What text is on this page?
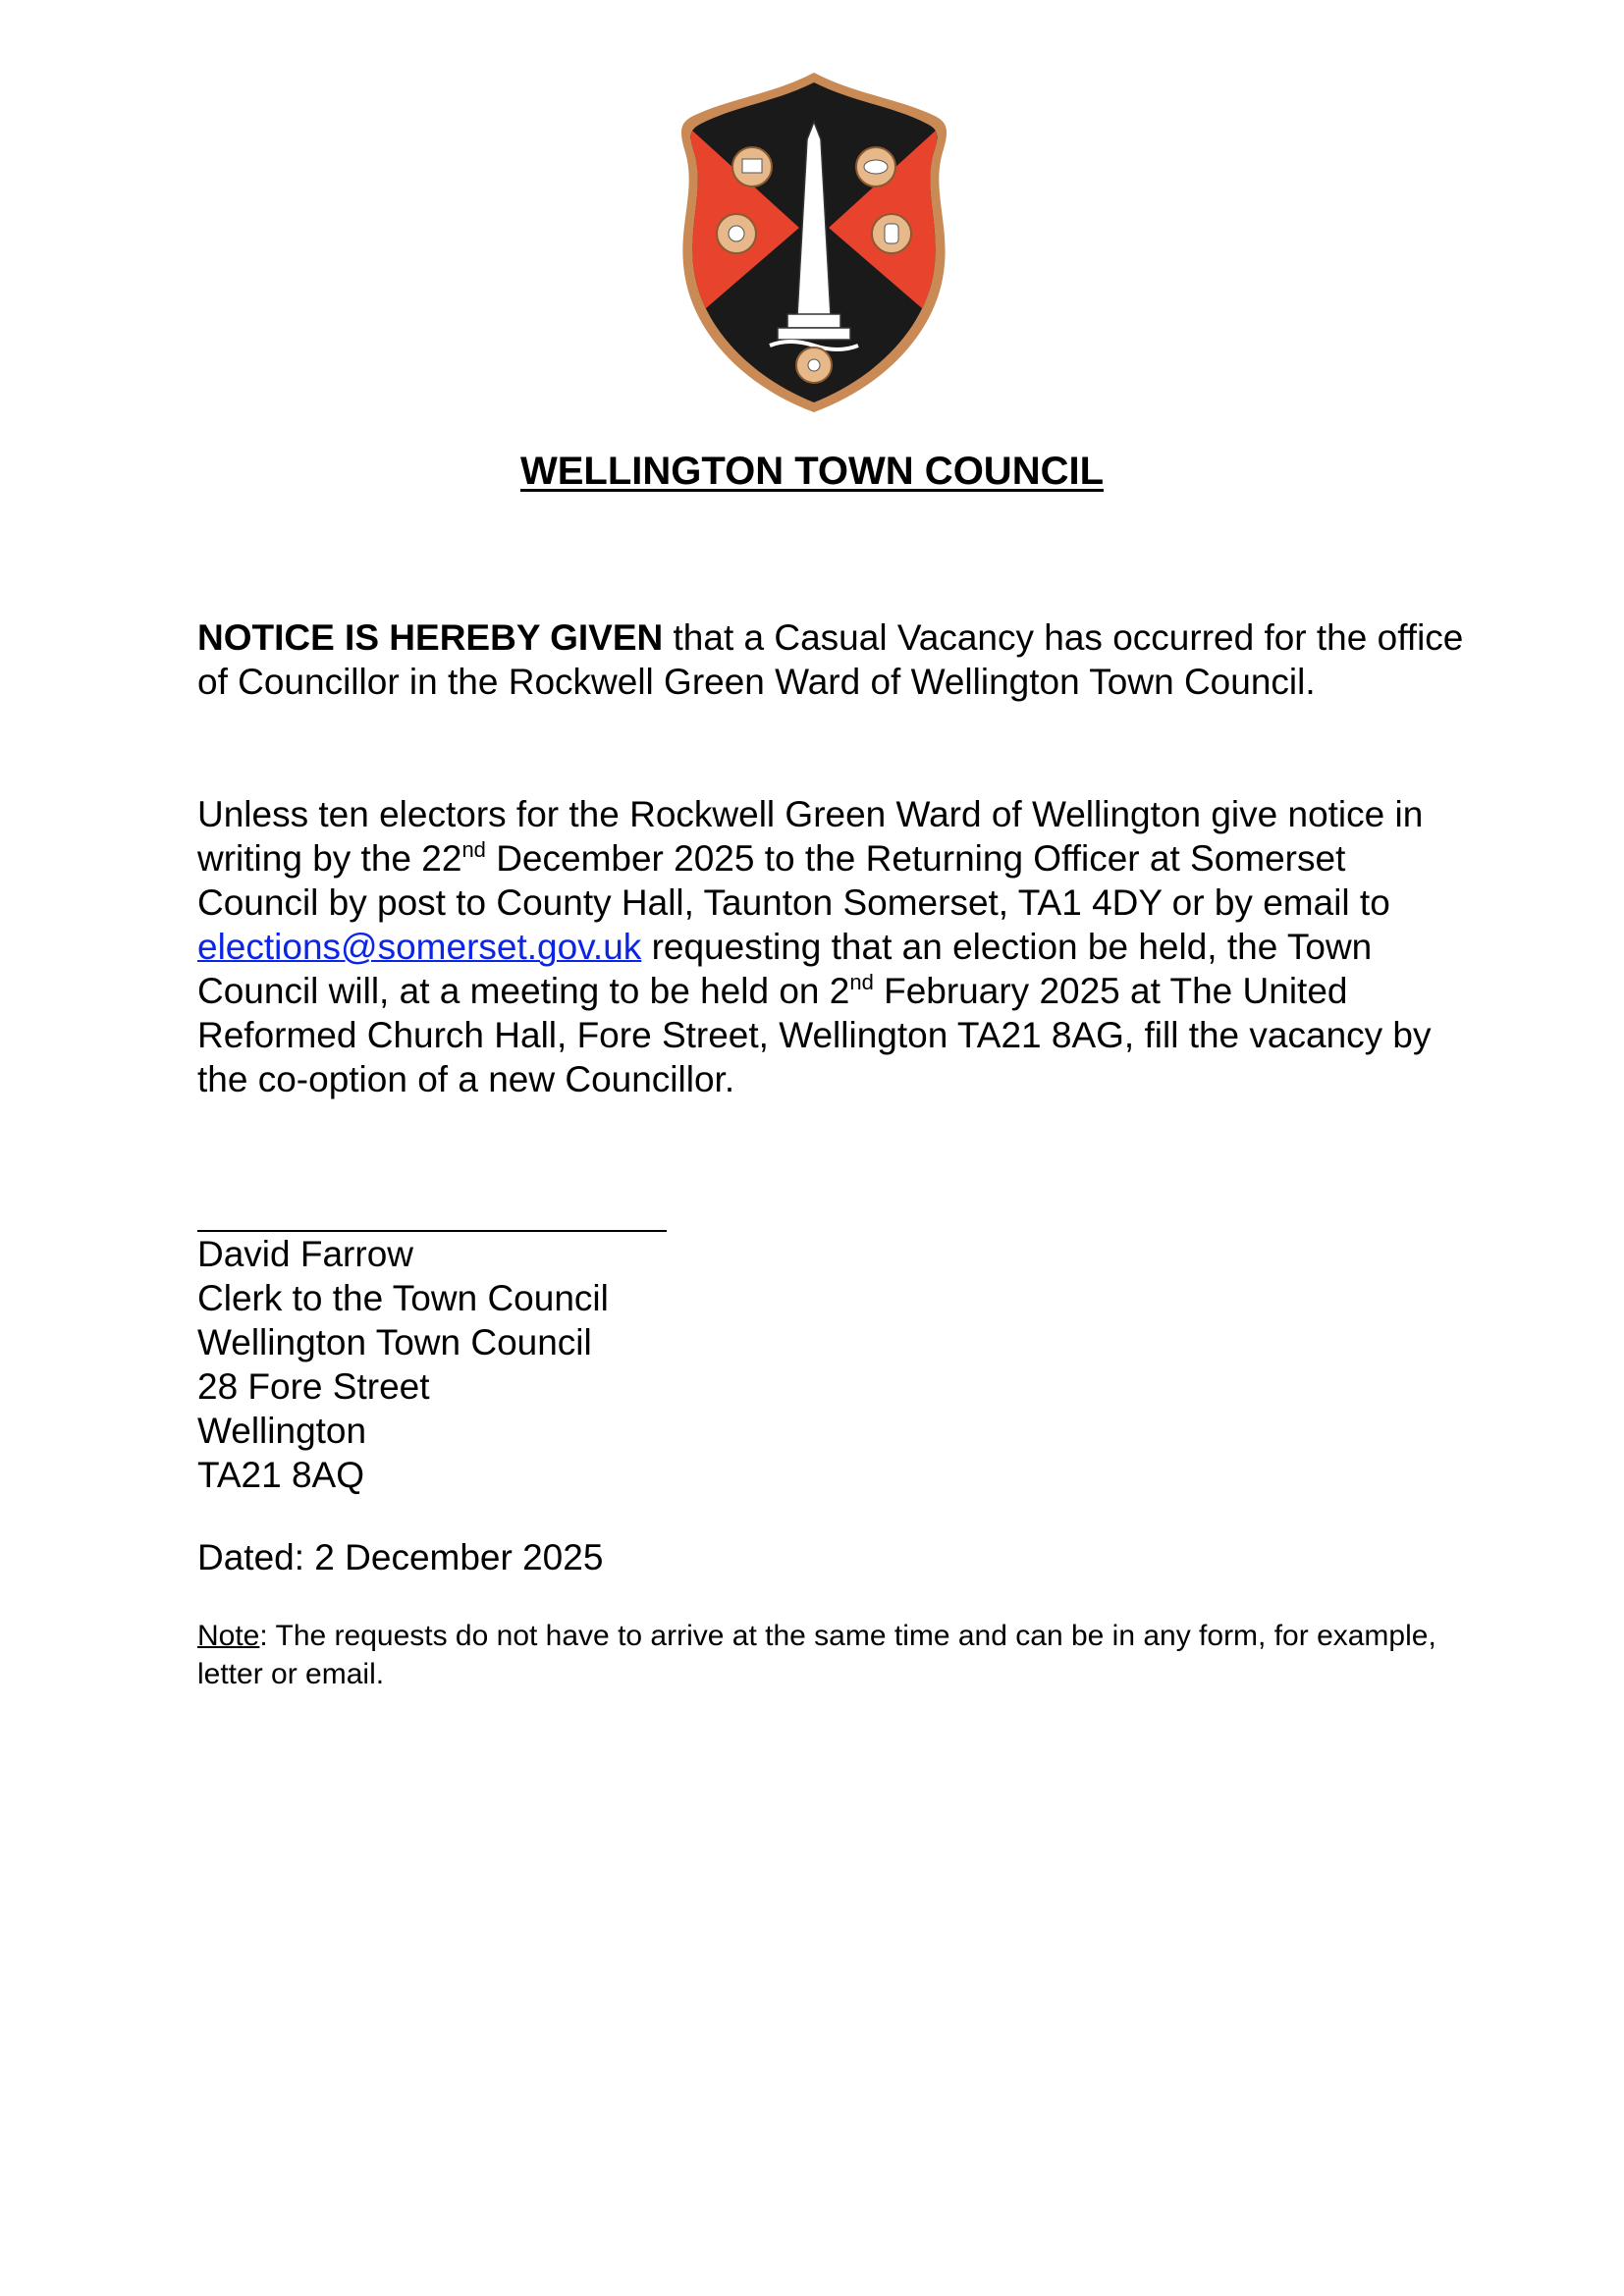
WELLINGTON TOWN COUNCIL

NOTICE IS HEREBY GIVEN that a Casual Vacancy has occurred for the office of Councillor in the Rockwell Green Ward of Wellington Town Council.

Unless ten electors for the Rockwell Green Ward of Wellington give notice in writing by the 22nd December 2025 to the Returning Officer at Somerset Council by post to County Hall, Taunton Somerset, TA1 4DY or by email to elections@somerset.gov.uk requesting that an election be held, the Town Council will, at a meeting to be held on 2nd February 2025 at The United Reformed Church Hall, Fore Street, Wellington TA21 8AG, fill the vacancy by the co-option of a new Councillor.

David Farrow
Clerk to the Town Council
Wellington Town Council
28 Fore Street
Wellington
TA21 8AQ

Dated: 2 December 2025

Note: The requests do not have to arrive at the same time and can be in any form, for example, letter or email.
